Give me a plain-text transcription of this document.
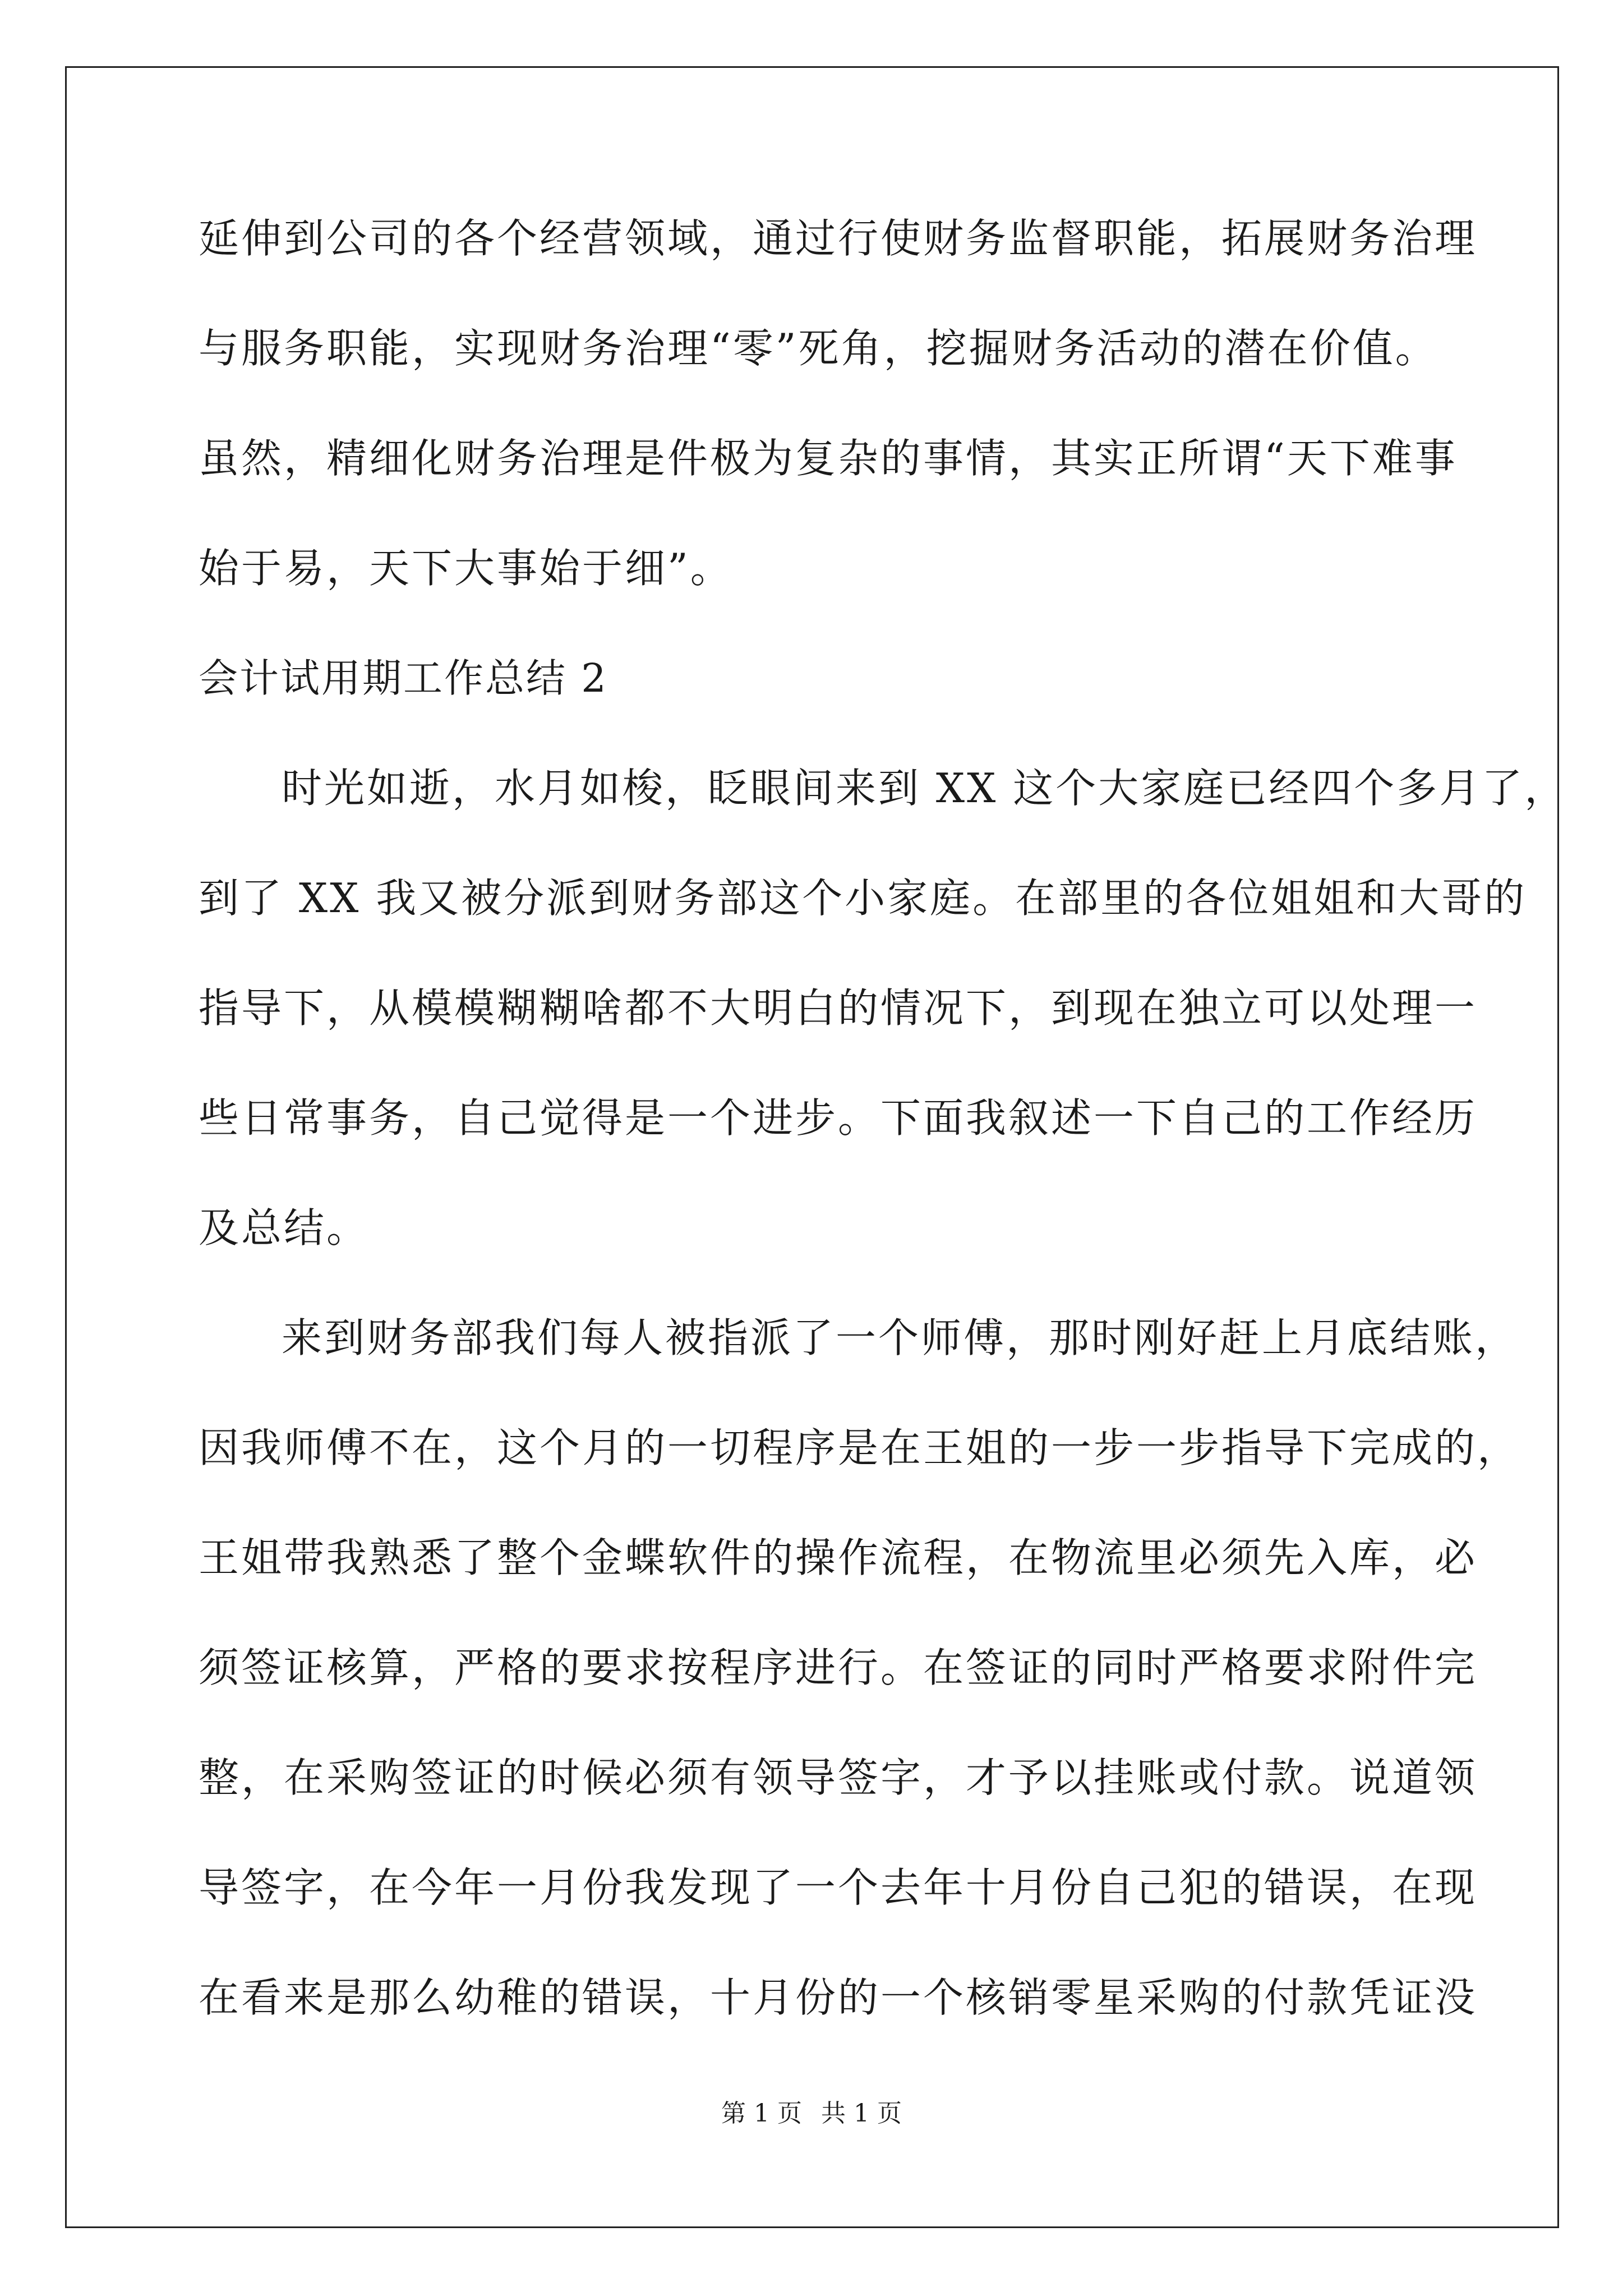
延伸到公司的各个经营领域，通过行使财务监督职能，拓展财务治理
与服务职能，实现财务治理“零”死角，挖掘财务活动的潜在价值。
虽然，精细化财务治理是件极为复杂的事情，其实正所谓“天下难事
始于易，天下大事始于细”。
会计试用期工作总结 2
时光如逝，水月如梭，眨眼间来到 XX 这个大家庭已经四个多月了，
到了 XX 我又被分派到财务部这个小家庭。在部里的各位姐姐和大哥的
指导下，从模模糊糊啥都不大明白的情况下，到现在独立可以处理一
些日常事务，自己觉得是一个进步。下面我叙述一下自己的工作经历
及总结。
来到财务部我们每人被指派了一个师傅，那时刚好赶上月底结账，
因我师傅不在，这个月的一切程序是在王姐的一步一步指导下完成的，
王姐带我熟悉了整个金蝶软件的操作流程，在物流里必须先入库，必
须签证核算，严格的要求按程序进行。在签证的同时严格要求附件完
整，在采购签证的时候必须有领导签字，才予以挂账或付款。说道领
导签字，在今年一月份我发现了一个去年十月份自己犯的错误，在现
在看来是那么幼稚的错误，十月份的一个核销零星采购的付款凭证没
第 1 页 共 1 页
